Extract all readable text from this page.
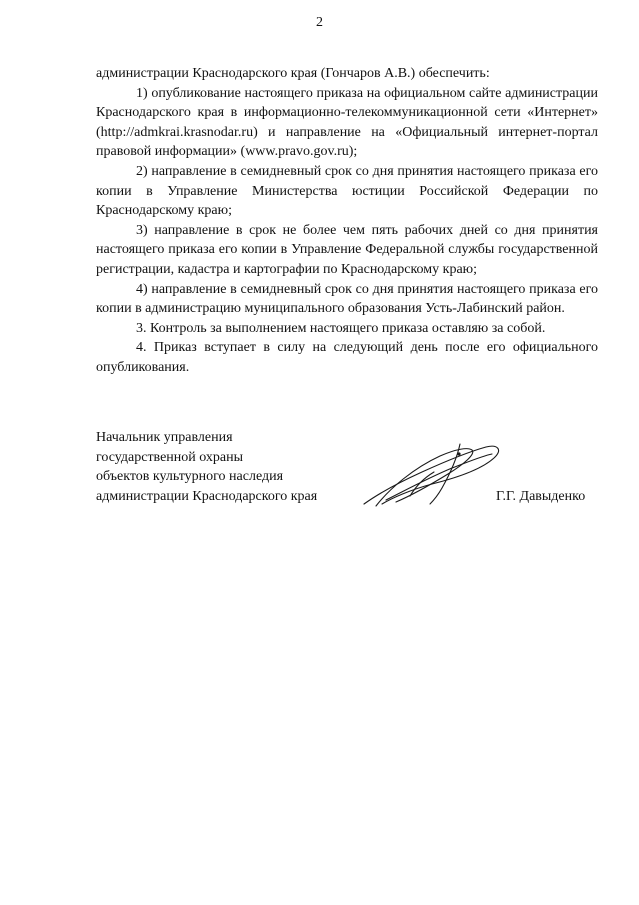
2

администрации Краснодарского края (Гончаров А.В.) обеспечить:

1) опубликование настоящего приказа на официальном сайте администрации Краснодарского края в информационно-телекоммуникационной сети «Интернет» (http://admkrai.krasnodar.ru) и направление на «Официальный интернет-портал правовой информации» (www.pravo.gov.ru);

2) направление в семидневный срок со дня принятия настоящего приказа его копии в Управление Министерства юстиции Российской Федерации по Краснодарскому краю;

3) направление в срок не более чем пять рабочих дней со дня принятия настоящего приказа его копии в Управление Федеральной службы государственной регистрации, кадастра и картографии по Краснодарскому краю;

4) направление в семидневный срок со дня принятия настоящего приказа его копии в администрацию муниципального образования Усть-Лабинский район.

3. Контроль за выполнением настоящего приказа оставляю за собой.

4. Приказ вступает в силу на следующий день после его официального опубликования.

Начальник управления
государственной охраны
объектов культурного наследия
администрации Краснодарского края	Г.Г. Давыденко
